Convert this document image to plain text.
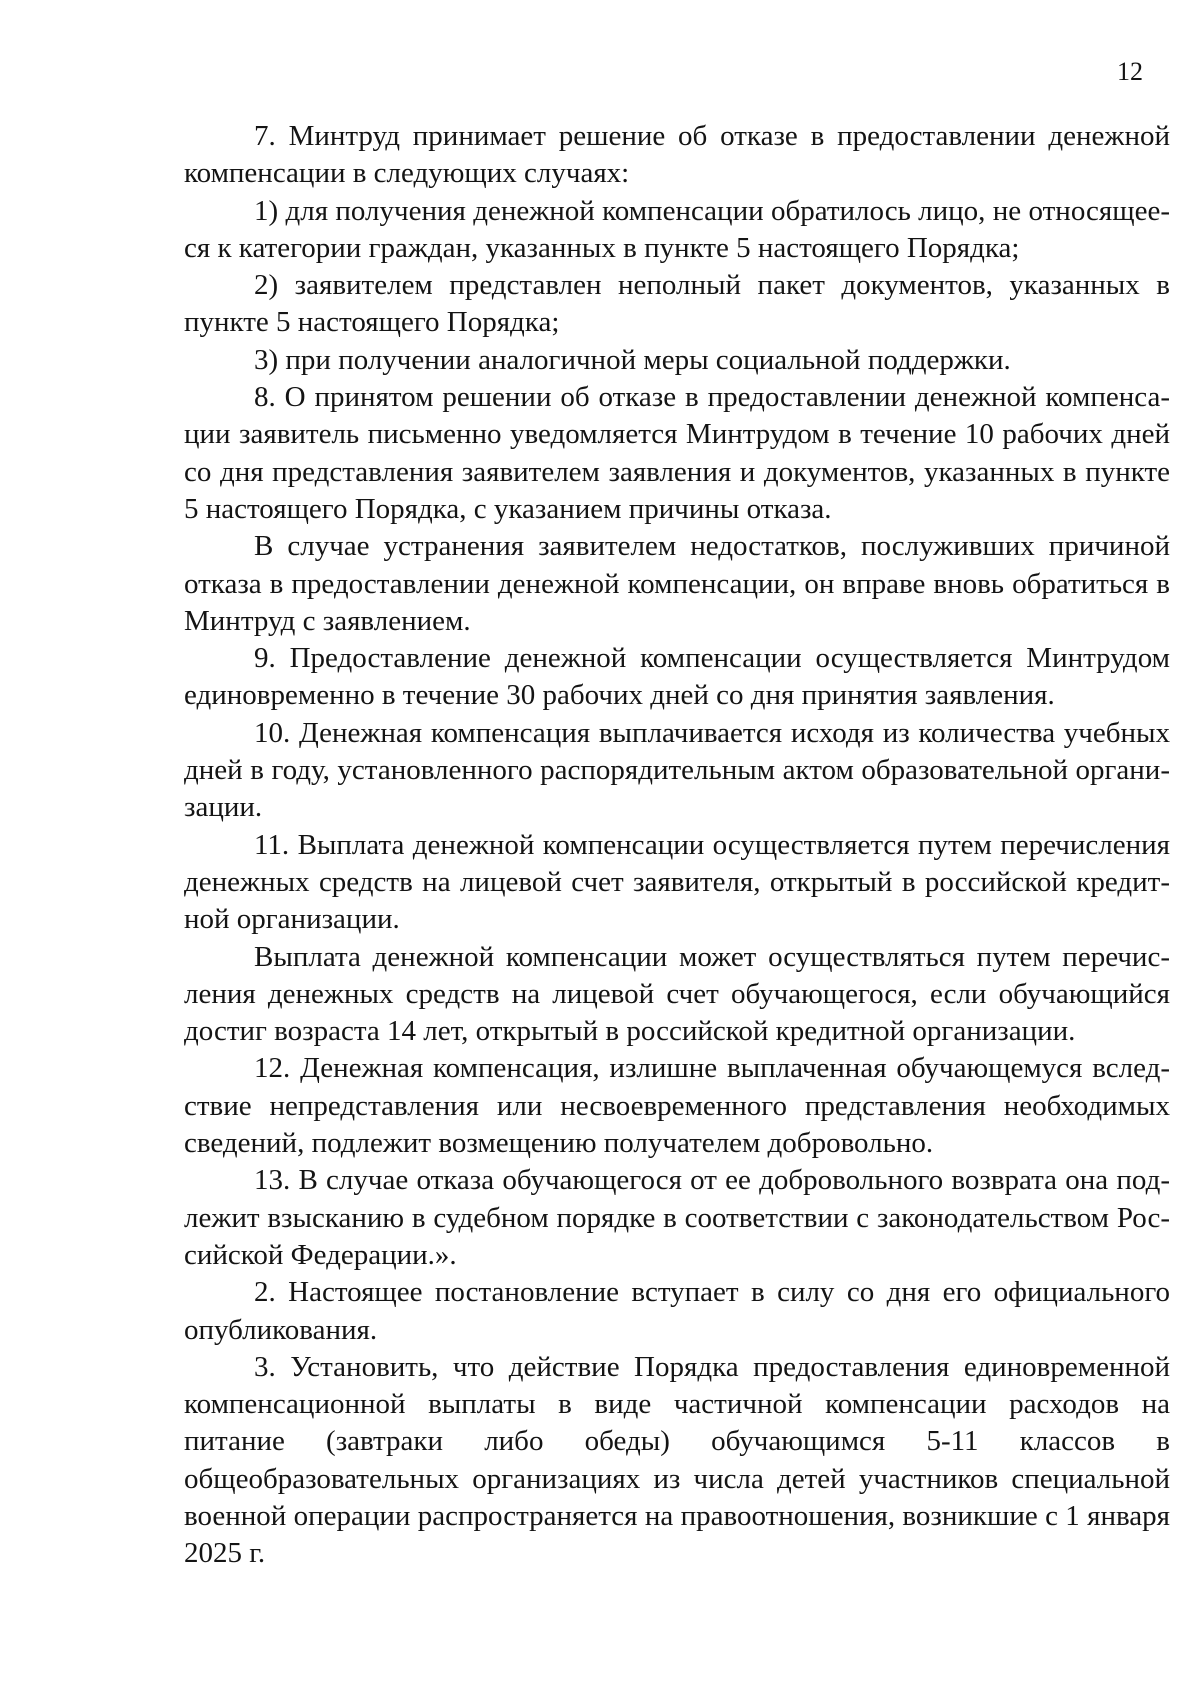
12

7. Минтруд принимает решение об отказе в предоставлении денежной компенсации в следующих случаях:

1) для получения денежной компенсации обратилось лицо, не относящееся к категории граждан, указанных в пункте 5 настоящего Порядка;

2) заявителем представлен неполный пакет документов, указанных в пункте 5 настоящего Порядка;

3) при получении аналогичной меры социальной поддержки.

8. О принятом решении об отказе в предоставлении денежной компенсации заявитель письменно уведомляется Минтрудом в течение 10 рабочих дней со дня представления заявителем заявления и документов, указанных в пункте 5 настоящего Порядка, с указанием причины отказа.

В случае устранения заявителем недостатков, послуживших причиной отказа в предоставлении денежной компенсации, он вправе вновь обратиться в Минтруд с заявлением.

9. Предоставление денежной компенсации осуществляется Минтрудом единовременно в течение 30 рабочих дней со дня принятия заявления.

10. Денежная компенсация выплачивается исходя из количества учебных дней в году, установленного распорядительным актом образовательной организации.

11. Выплата денежной компенсации осуществляется путем перечисления денежных средств на лицевой счет заявителя, открытый в российской кредитной организации.

Выплата денежной компенсации может осуществляться путем перечисления денежных средств на лицевой счет обучающегося, если обучающийся достиг возраста 14 лет, открытый в российской кредитной организации.

12. Денежная компенсация, излишне выплаченная обучающемуся вследствие непредставления или несвоевременного представления необходимых сведений, подлежит возмещению получателем добровольно.

13. В случае отказа обучающегося от ее добровольного возврата она подлежит взысканию в судебном порядке в соответствии с законодательством Российской Федерации.».

2. Настоящее постановление вступает в силу со дня его официального опубликования.

3. Установить, что действие Порядка предоставления единовременной компенсационной выплаты в виде частичной компенсации расходов на питание (завтраки либо обеды) обучающимся 5-11 классов в общеобразовательных организациях из числа детей участников специальной военной операции распространяется на правоотношения, возникшие с 1 января 2025 г.
